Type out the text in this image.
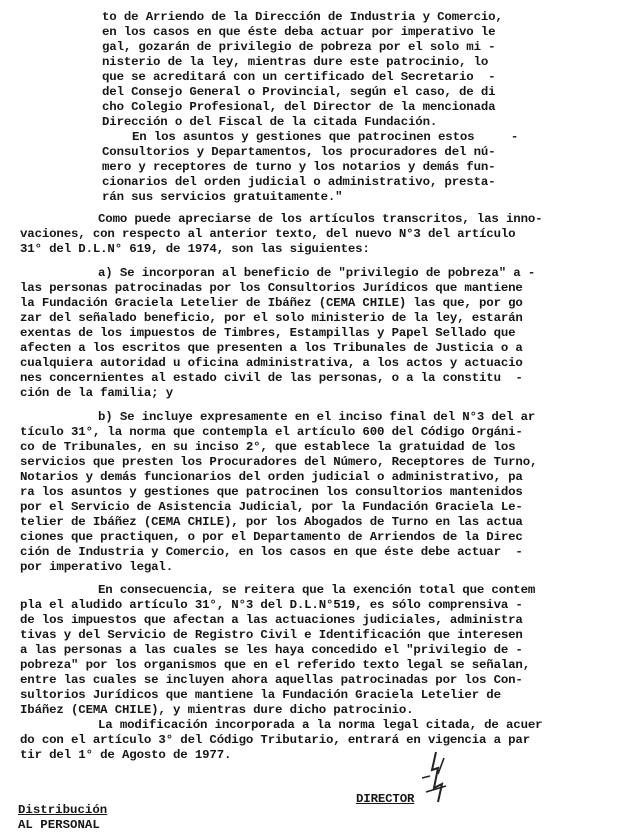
to de Arriendo de la Dirección de Industria y Comercio,
en los casos en que éste deba actuar por imperativo le
gal, gozarán de privilegio de pobreza por el solo mi -
nisterio de la ley, mientras dure este patrocinio, lo
que se acreditará con un certificado del Secretario  -
del Consejo General o Provincial, según el caso, de di
cho Colegio Profesional, del Director de la mencionada
Dirección o del Fiscal de la citada Fundación.
En los asuntos y gestiones que patrocinen estos     -
Consultorios y Departamentos, los procuradores del nú-
mero y receptores de turno y los notarios y demás fun-
cionarios del orden judicial o administrativo, presta-
rán sus servicios gratuitamente."
Como puede apreciarse de los artículos transcritos, las inno-
vaciones, con respecto al anterior texto, del nuevo N°3 del artículo
31° del D.L.N° 619, de 1974, son las siguientes:
a) Se incorporan al beneficio de "privilegio de pobreza" a -
las personas patrocinadas por los Consultorios Jurídicos que mantiene
la Fundación Graciela Letelier de Ibáñez (CEMA CHILE) las que, por go
zar del señalado beneficio, por el solo ministerio de la ley, estarán
exentas de los impuestos de Timbres, Estampillas y Papel Sellado que
afecten a los escritos que presenten a los Tribunales de Justicia o a
cualquiera autoridad u oficina administrativa, a los actos y actuacio
nes concernientes al estado civil de las personas, o a la constitu  -
ción de la familia; y
b) Se incluye expresamente en el inciso final del N°3 del ar
tículo 31°, la norma que contempla el artículo 600 del Código Orgáni-
co de Tribunales, en su inciso 2°, que establece la gratuidad de los
servicios que presten los Procuradores del Número, Receptores de Turno,
Notarios y demás funcionarios del orden judicial o administrativo, pa
ra los asuntos y gestiones que patrocinen los consultorios mantenidos
por el Servicio de Asistencia Judicial, por la Fundación Graciela Le-
telier de Ibáñez (CEMA CHILE), por los Abogados de Turno en las actua
ciones que practiquen, o por el Departamento de Arriendos de la Direc
ción de Industria y Comercio, en los casos en que éste debe actuar  -
por imperativo legal.
En consecuencia, se reitera que la exención total que contem
pla el aludido artículo 31°, N°3 del D.L.N°519, es sólo comprensiva -
de los impuestos que afectan a las actuaciones judiciales, administra
tivas y del Servicio de Registro Civil e Identificación que interesen
a las personas a las cuales se les haya concedido el "privilegio de -
pobreza" por los organismos que en el referido texto legal se señalan,
entre las cuales se incluyen ahora aquellas patrocinadas por los Con-
sultorios Jurídicos que mantiene la Fundación Graciela Letelier de
Ibáñez (CEMA CHILE), y mientras dure dicho patrocinio.
La modificación incorporada a la norma legal citada, de acuer
do con el artículo 3° del Código Tributario, entrará en vigencia a par
tir del 1° de Agosto de 1977.
DIRECTOR
Distribución
AL PERSONAL
